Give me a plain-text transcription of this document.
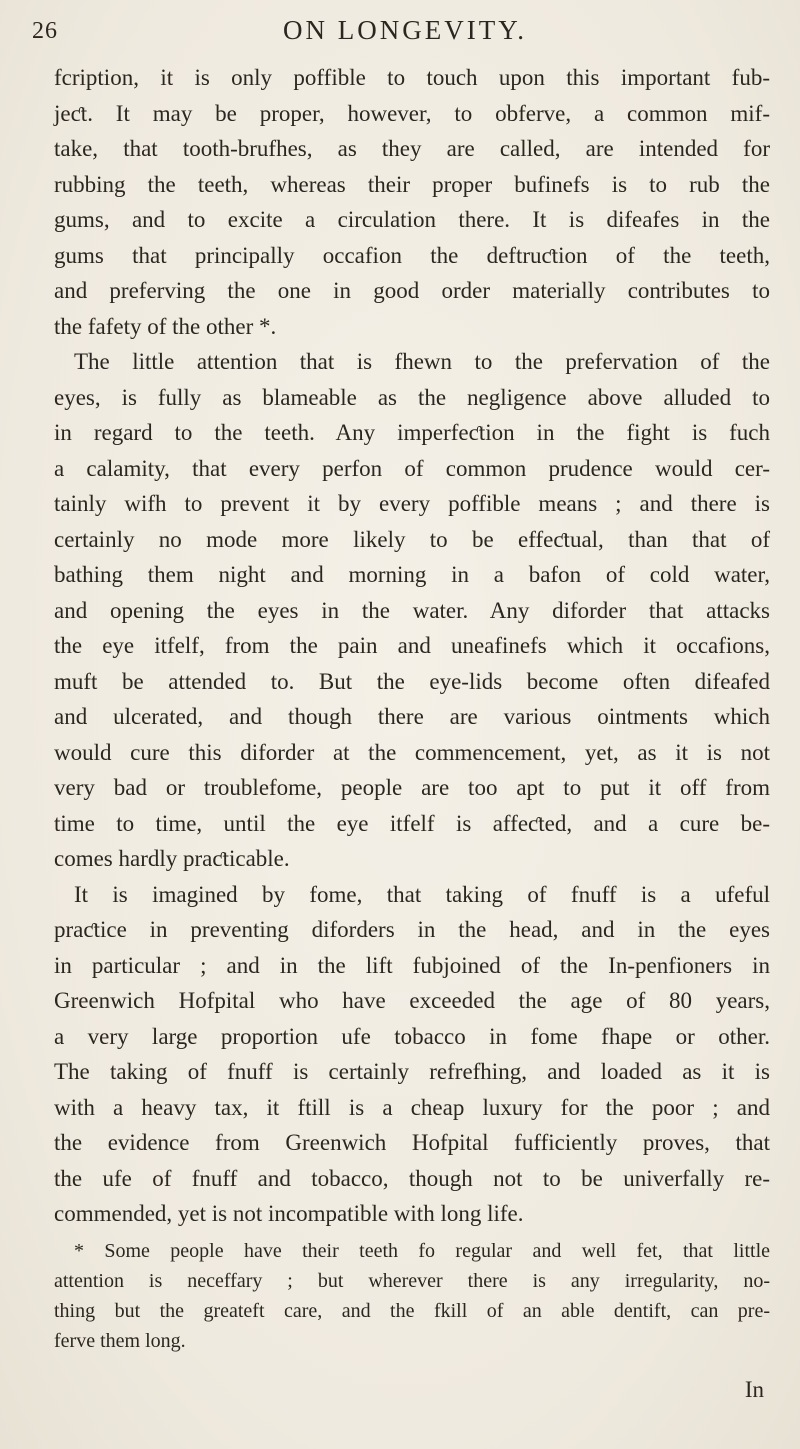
26	ON LONGEVITY.
fcription, it is only poffible to touch upon this important fub-
jeƈt. It may be proper, however, to obferve, a common mif-
take, that tooth-brufhes, as they are called, are intended for
rubbing the teeth, whereas their proper bufinefs is to rub the
gums, and to excite a circulation there. It is difeafes in the
gums that principally occafion the deftruƈtion of the teeth,
and preferving the one in good order materially contributes to
the fafety of the other *.
The little attention that is fhewn to the prefervation of the
eyes, is fully as blameable as the negligence above alluded to
in regard to the teeth. Any imperfeƈtion in the fight is fuch
a calamity, that every perfon of common prudence would cer-
tainly wifh to prevent it by every poffible means ; and there is
certainly no mode more likely to be effeƈtual, than that of
bathing them night and morning in a bafon of cold water,
and opening the eyes in the water. Any diforder that attacks
the eye itfelf, from the pain and uneafinefs which it occafions,
muft be attended to. But the eye-lids become often difeafed
and ulcerated, and though there are various ointments which
would cure this diforder at the commencement, yet, as it is not
very bad or troublefome, people are too apt to put it off from
time to time, until the eye itfelf is affeƈted, and a cure be-
comes hardly praƈticable.
It is imagined by fome, that taking of fnuff is a ufeful
praƈtice in preventing diforders in the head, and in the eyes
in particular ; and in the lift fubjoined of the In-penfioners in
Greenwich Hofpital who have exceeded the age of 80 years,
a very large proportion ufe tobacco in fome fhape or other.
The taking of fnuff is certainly refrefhing, and loaded as it is
with a heavy tax, it ftill is a cheap luxury for the poor ; and
the evidence from Greenwich Hofpital fufficiently proves, that
the ufe of fnuff and tobacco, though not to be univerfally re-
commended, yet is not incompatible with long life.
* Some people have their teeth fo regular and well fet, that little
attention is neceffary ; but wherever there is any irregularity, no-
thing but the greateft care, and the fkill of an able dentift, can pre-
ferve them long.
In
